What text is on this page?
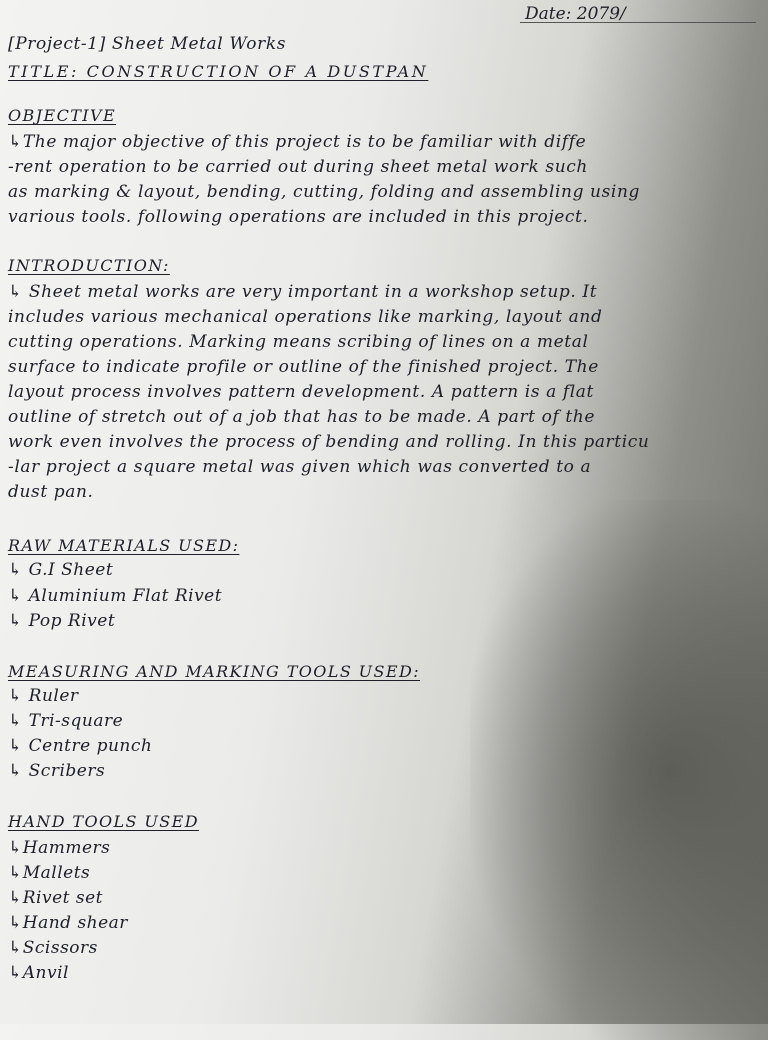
Date: 2079/
[Project-1] Sheet Metal Works
TITLE: CONSTRUCTION OF A DUSTPAN
OBJECTIVE
↳The major objective of this project is to be familiar with diffe
-rent operation to be carried out during sheet metal work such
as marking & layout, bending, cutting, folding and assembling using
various tools. following operations are included in this project.
INTRODUCTION:
↳ Sheet metal works are very important in a workshop setup. It
includes various mechanical operations like marking, layout and
cutting operations. Marking means scribing of lines on a metal
surface to indicate profile or outline of the finished project. The
layout process involves pattern development. A pattern is a flat
outline of stretch out of a job that has to be made. A part of the
work even involves the process of bending and rolling. In this particu
-lar project a square metal was given which was converted to a
dust pan.
RAW MATERIALS USED:
↳ G.I Sheet
↳ Aluminium Flat Rivet
↳ Pop Rivet
MEASURING AND MARKING TOOLS USED:
↳ Ruler
↳ Tri-square
↳ Centre punch
↳ Scribers
HAND TOOLS USED
↳Hammers
↳Mallets
↳Rivet set
↳Hand shear
↳Scissors
↳Anvil
